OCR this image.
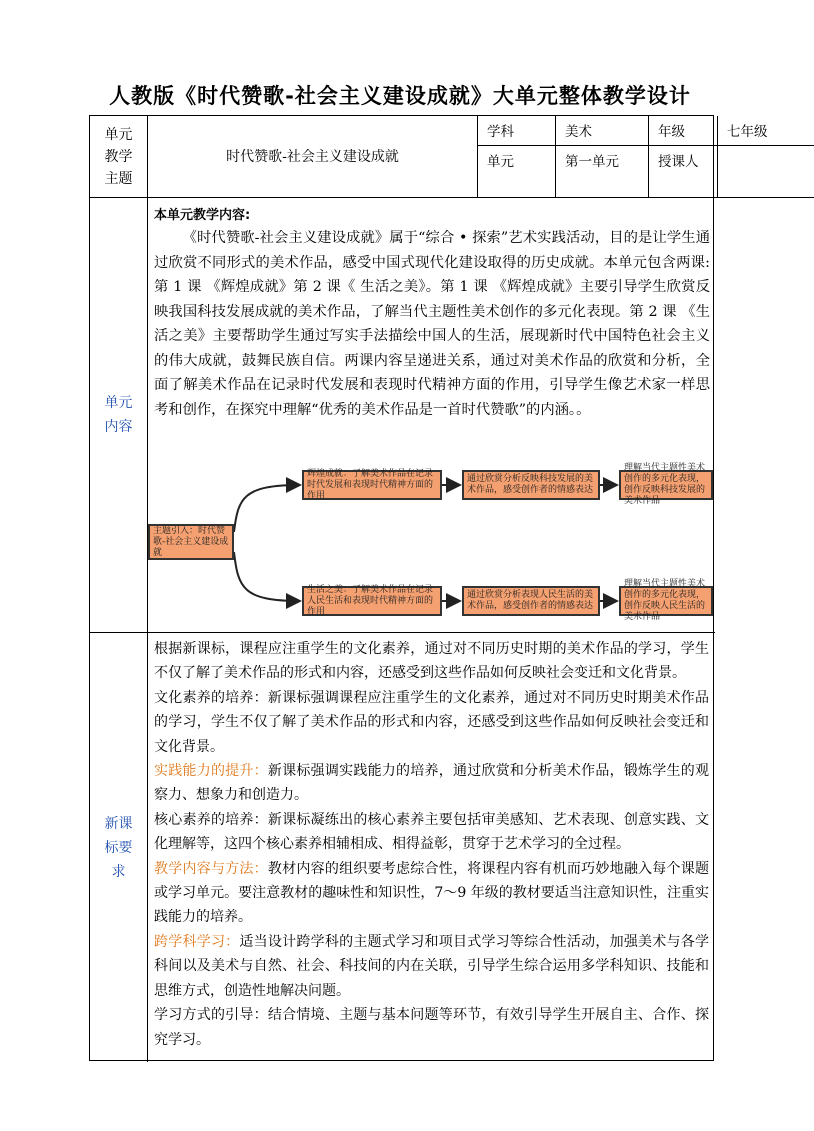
人教版《时代赞歌-社会主义建设成就》大单元整体教学设计
单元
教学
主题
时代赞歌-社会主义建设成就
学科	美术	年级	七年级
单元	第一单元	授课人
单元
内容
本单元教学内容:
《时代赞歌-社会主义建设成就》属于“综合 • 探索”艺术实践活动，目的是让学生通过欣赏不同形式的美术作品，感受中国式现代化建设取得的历史成就。本单元包含两课:第 1 课 《辉煌成就》第 2 课《 生活之美》。第 1 课 《辉煌成就》主要引导学生欣赏反映我国科技发展成就的美术作品，了解当代主题性美术创作的多元化表现。第 2 课 《生活之美》主要帮助学生通过写实手法描绘中国人的生活，展现新时代中国特色社会主义的伟大成就，鼓舞民族自信。两课内容呈递进关系，通过对美术作品的欣赏和分析，全面了解美术作品在记录时代发展和表现时代精神方面的作用，引导学生像艺术家一样思考和创作，在探究中理解“优秀的美术作品是一首时代赞歌”的内涵。。
主题引入：时代赞歌-社会主义建设成就
辉煌成就：了解美术作品在记录时代发展和表现时代精神方面的作用
通过欣赏分析反映科技发展的美术作品，感受创作者的情感表达
理解当代主题性美术创作的多元化表现，创作反映科技发展的美术作品
生活之美：了解美术作品在记录人民生活和表现时代精神方面的作用
通过欣赏分析表现人民生活的美术作品，感受创作者的情感表达
理解当代主题性美术创作的多元化表现，创作反映人民生活的美术作品
新课
标要
求

根据新课标，课程应注重学生的文化素养，通过对不同历史时期的美术作品的学习，学生不仅了解了美术作品的形式和内容，还感受到这些作品如何反映社会变迁和文化背景。

文化素养的培养：新课标强调课程应注重学生的文化素养，通过对不同历史时期美术作品的学习，学生不仅了解了美术作品的形式和内容，还感受到这些作品如何反映社会变迁和文化背景。

实践能力的提升：新课标强调实践能力的培养，通过欣赏和分析美术作品，锻炼学生的观察力、想象力和创造力。

核心素养的培养：新课标凝练出的核心素养主要包括审美感知、艺术表现、创意实践、文化理解等，这四个核心素养相辅相成、相得益彰，贯穿于艺术学习的全过程。

教学内容与方法：教材内容的组织要考虑综合性，将课程内容有机而巧妙地融入每个课题或学习单元。要注意教材的趣味性和知识性，7～9 年级的教材要适当注意知识性，注重实践能力的培养。

跨学科学习：适当设计跨学科的主题式学习和项目式学习等综合性活动，加强美术与各学科间以及美术与自然、社会、科技间的内在关联，引导学生综合运用多学科知识、技能和思维方式，创造性地解决问题。

学习方式的引导：结合情境、主题与基本问题等环节，有效引导学生开展自主、合作、探究学习。
